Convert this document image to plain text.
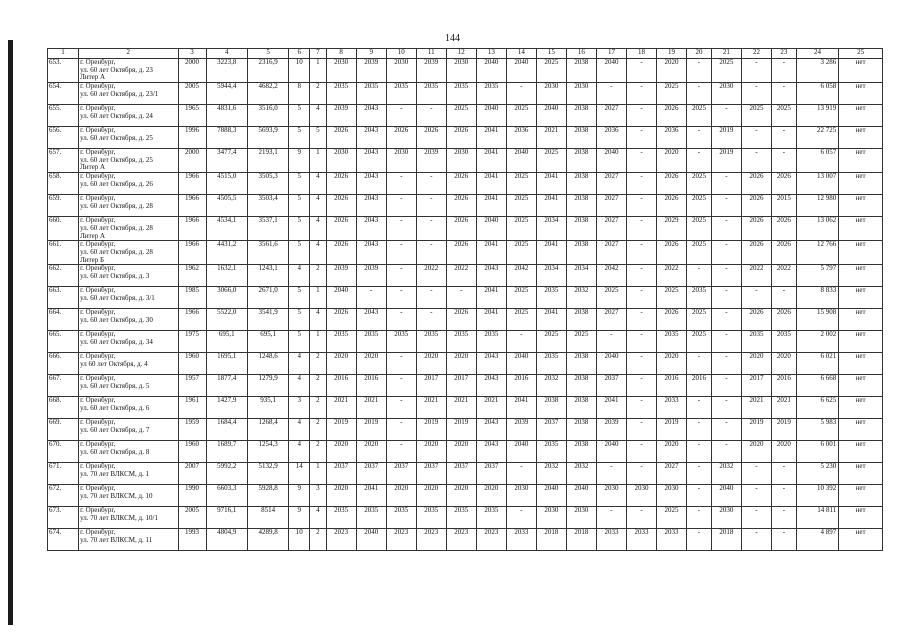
144
1	2	3	4	5	6	7	8	9	10	11	12	13	14	15	16	17	18	19	20	21	22	23	24	25
653.	г. Оренбург,
ул. 60 лет Октября, д. 23
Литер А	2000	3223,8	2316,9	10	1	2030	2039	2030	2039	2030	2040	2040	2025	2038	2040	-	2020	-	2025	-	-	3 286	нет
654.	г. Оренбург,
ул. 60 лет Октября, д. 23/1	2005	5944,4	4682,2	8	2	2035	2035	2035	2035	2035	2035	-	2030	2030	-	-	2025	-	2030	-	-	6 058	нет
655.	г. Оренбург,
ул. 60 лет Октября, д. 24	1965	4831,6	3516,0	5	4	2039	2043	-	-	2025	2040	2025	2040	2038	2027	-	2026	2025	-	2025	2025	13 919	нет
656.	г. Оренбург,
ул. 60 лет Октября, д. 25	1996	7888,3	5693,9	5	5	2026	2043	2026	2026	2026	2041	2036	2021	2038	2036	-	2036	-	2019	-	-	22 725	нет
657.	г. Оренбург,
ул. 60 лет Октября, д. 25
Литер А	2000	3477,4	2193,1	9	1	2030	2043	2030	2039	2030	2041	2040	2025	2038	2040	-	2020	-	2019	-	-	6 057	нет
658.	г. Оренбург,
ул. 60 лет Октября, д. 26	1966	4515,0	3505,3	5	4	2026	2043	-	-	2026	2041	2025	2041	2038	2027	-	2026	2025	-	2026	2026	13 007	нет
659.	г. Оренбург,
ул. 60 лет Октября, д. 28	1966	4505,5	3503,4	5	4	2026	2043	-	-	2026	2041	2025	2041	2038	2027	-	2026	2025	-	2026	2015	12 980	нет
660.	г. Оренбург,
ул. 60 лет Октября, д. 28
Литер А	1966	4534,1	3537,1	5	4	2026	2043	-	-	2026	2040	2025	2034	2038	2027	-	2029	2025	-	2026	2026	13 062	нет
661.	г. Оренбург,
ул. 60 лет Октября, д. 28
Литер Б	1966	4431,2	3561,6	5	4	2026	2043	-	-	2026	2041	2025	2041	2038	2027	-	2026	2025	-	2026	2026	12 766	нет
662.	г. Оренбург,
ул. 60 лет Октября, д. 3	1962	1632,1	1243,1	4	2	2039	2039	-	2022	2022	2043	2042	2034	2034	2042	-	2022	-	-	2022	2022	5 797	нет
663.	г. Оренбург,
ул. 60 лет Октября, д. 3/1	1985	3066,0	2671,0	5	1	2040	-	-	-	-	2041	2025	2035	2032	2025	-	2025	2035	-	-	-	8 833	нет
664.	г. Оренбург,
ул. 60 лет Октября, д. 30	1966	5522,0	3541,9	5	4	2026	2043	-	-	2026	2041	2025	2041	2038	2027	-	2026	2025	-	2026	2026	15 908	нет
665.	г. Оренбург,
ул. 60 лет Октября, д. 34	1975	695,1	695,1	5	1	2035	2035	2035	2035	2035	2035	-	2025	2025	-	-	2035	2025	-	2035	2035	2 002	нет
666.	г. Оренбург,
ул 60 лет Октября, д. 4	1960	1695,1	1248,6	4	2	2020	2020	-	2020	2020	2043	2040	2035	2038	2040	-	2020	-	-	2020	2020	6 021	нет
667.	г. Оренбург,
ул. 60 лет Октября, д. 5	1957	1877,4	1279,9	4	2	2016	2016	-	2017	2017	2043	2016	2032	2038	2037	-	2016	2016	-	2017	2016	6 668	нет
668.	г. Оренбург,
ул. 60 лет Октября, д. 6	1961	1427,9	935,1	3	2	2021	2021	-	2021	2021	2021	2041	2038	2038	2041	-	2033	-	-	2021	2021	6 625	нет
669.	г. Оренбург,
ул. 60 лет Октября, д. 7	1959	1684,4	1268,4	4	2	2019	2019	-	2019	2019	2043	2039	2037	2038	2039	-	2019	-	-	2019	2019	5 983	нет
670.	г. Оренбург,
ул. 60 лет Октября, д. 8	1960	1689,7	1254,3	4	2	2020	2020	-	2020	2020	2043	2040	2035	2038	2040	-	2020	-	-	2020	2020	6 001	нет
671.	г. Оренбург,
ул. 70 лет ВЛКСМ, д. 1	2007	5992,2	5132,9	14	1	2037	2037	2037	2037	2037	2037	-	2032	2032	-	-	2027	-	2032	-	-	5 230	нет
672.	г. Оренбург,
ул. 70 лет ВЛКСМ, д. 10	1990	6603,3	5928,8	9	3	2020	2041	2020	2020	2020	2020	2030	2040	2040	2030	2030	2030	-	2040	-	-	10 392	нет
673.	г. Оренбург,
ул. 70 лет ВЛКСМ, д. 10/1	2005	9716,1	8514	9	4	2035	2035	2035	2035	2035	2035	-	2030	2030	-	-	2025	-	2030	-	-	14 811	нет
674.	г. Оренбург,
ул. 70 лет ВЛКСМ, д. 11	1993	4804,9	4289,8	10	2	2023	2040	2023	2023	2023	2023	2033	2018	2018	2033	2033	2033	-	2018	-	-	4 897	нет
